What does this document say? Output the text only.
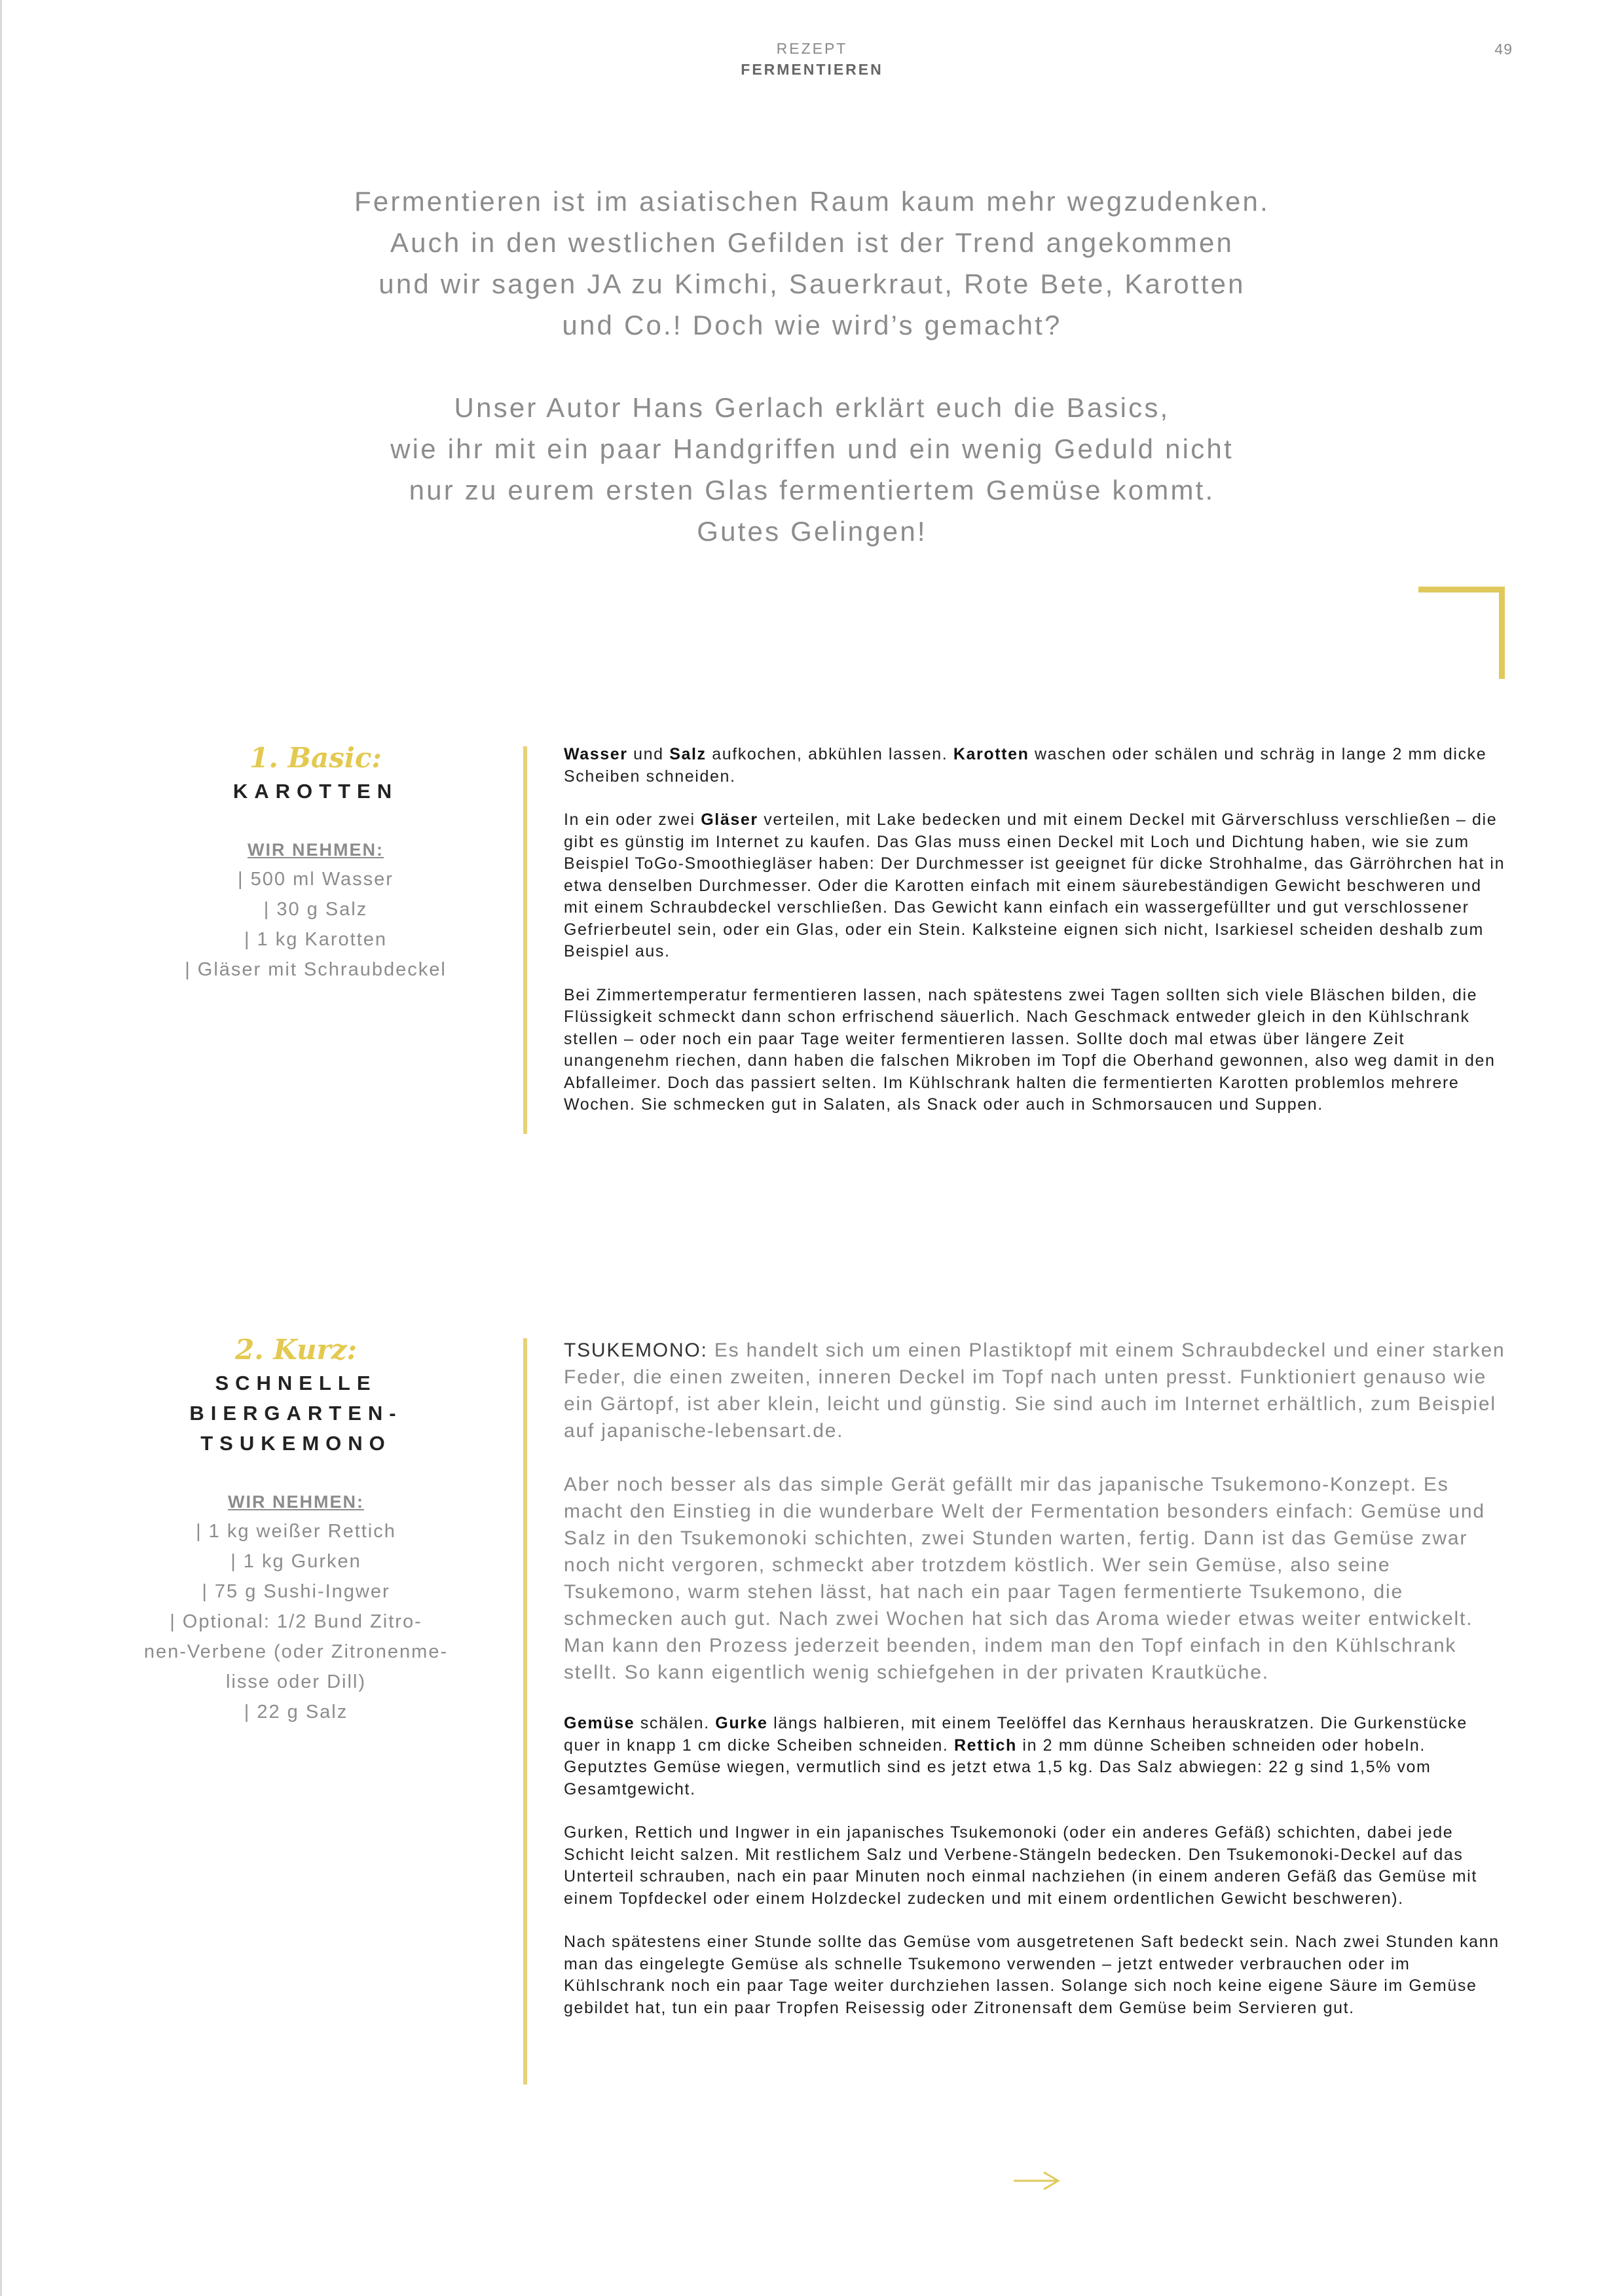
REZEPT
FERMENTIEREN
49

Fermentieren ist im asiatischen Raum kaum mehr wegzudenken.
Auch in den westlichen Gefilden ist der Trend angekommen
und wir sagen JA zu Kimchi, Sauerkraut, Rote Bete, Karotten
und Co.! Doch wie wird’s gemacht?

Unser Autor Hans Gerlach erklärt euch die Basics,
wie ihr mit ein paar Handgriffen und ein wenig Geduld nicht
nur zu eurem ersten Glas fermentiertem Gemüse kommt.
Gutes Gelingen!

1. Basic:
KAROTTEN
WIR NEHMEN:
| 500 ml Wasser
| 30 g Salz
| 1 kg Karotten
| Gläser mit Schraubdeckel

Wasser und Salz aufkochen, abkühlen lassen. Karotten waschen oder schälen und schräg in lange 2 mm dicke Scheiben schneiden.

In ein oder zwei Gläser verteilen, mit Lake bedecken und mit einem Deckel mit Gärverschluss verschließen – die gibt es günstig im Internet zu kaufen. Das Glas muss einen Deckel mit Loch und Dichtung haben, wie sie zum Beispiel ToGo-Smoothiegläser haben: Der Durchmesser ist geeignet für dicke Strohhalme, das Gärröhrchen hat in etwa denselben Durchmesser. Oder die Karotten einfach mit einem säurebeständigen Gewicht beschweren und mit einem Schraubdeckel verschließen. Das Gewicht kann einfach ein wassergefüllter und gut verschlossener Gefrierbeutel sein, oder ein Glas, oder ein Stein. Kalksteine eignen sich nicht, Isarkiesel scheiden deshalb zum Beispiel aus.

Bei Zimmertemperatur fermentieren lassen, nach spätestens zwei Tagen sollten sich viele Bläschen bilden, die Flüssigkeit schmeckt dann schon erfrischend säuerlich. Nach Geschmack entweder gleich in den Kühlschrank stellen – oder noch ein paar Tage weiter fermentieren lassen. Sollte doch mal etwas über längere Zeit unangenehm riechen, dann haben die falschen Mikroben im Topf die Oberhand gewonnen, also weg damit in den Abfalleimer. Doch das passiert selten. Im Kühlschrank halten die fermentierten Karotten problemlos mehrere Wochen. Sie schmecken gut in Salaten, als Snack oder auch in Schmorsaucen und Suppen.

2. Kurz:
SCHNELLE
BIERGARTEN-
TSUKEMONO
WIR NEHMEN:
| 1 kg weißer Rettich
| 1 kg Gurken
| 75 g Sushi-Ingwer
| Optional: 1/2 Bund Zitro-
nen-Verbene (oder Zitronenme-
lisse oder Dill)
| 22 g Salz

TSUKEMONO: Es handelt sich um einen Plastiktopf mit einem Schraubdeckel und einer starken Feder, die einen zweiten, inneren Deckel im Topf nach unten presst. Funktioniert genauso wie ein Gärtopf, ist aber klein, leicht und günstig. Sie sind auch im Internet erhältlich, zum Beispiel auf japanische-lebensart.de.

Aber noch besser als das simple Gerät gefällt mir das japanische Tsukemono-Konzept. Es macht den Einstieg in die wunderbare Welt der Fermentation besonders einfach: Gemüse und Salz in den Tsukemonoki schichten, zwei Stunden warten, fertig. Dann ist das Gemüse zwar noch nicht vergoren, schmeckt aber trotzdem köstlich. Wer sein Gemüse, also seine Tsukemono, warm stehen lässt, hat nach ein paar Tagen fermentierte Tsukemono, die schmecken auch gut. Nach zwei Wochen hat sich das Aroma wieder etwas weiter entwickelt. Man kann den Prozess jederzeit beenden, indem man den Topf einfach in den Kühlschrank stellt. So kann eigentlich wenig schiefgehen in der privaten Krautküche.

Gemüse schälen. Gurke längs halbieren, mit einem Teelöffel das Kernhaus herauskratzen. Die Gurkenstücke quer in knapp 1 cm dicke Scheiben schneiden. Rettich in 2 mm dünne Scheiben schneiden oder hobeln. Geputztes Gemüse wiegen, vermutlich sind es jetzt etwa 1,5 kg. Das Salz abwiegen: 22 g sind 1,5% vom Gesamtgewicht.

Gurken, Rettich und Ingwer in ein japanisches Tsukemonoki (oder ein anderes Gefäß) schichten, dabei jede Schicht leicht salzen. Mit restlichem Salz und Verbene-Stängeln bedecken. Den Tsukemonoki-Deckel auf das Unterteil schrauben, nach ein paar Minuten noch einmal nachziehen (in einem anderen Gefäß das Gemüse mit einem Topfdeckel oder einem Holzdeckel zudecken und mit einem ordentlichen Gewicht beschweren).

Nach spätestens einer Stunde sollte das Gemüse vom ausgetretenen Saft bedeckt sein. Nach zwei Stunden kann man das eingelegte Gemüse als schnelle Tsukemono verwenden – jetzt entweder verbrauchen oder im Kühlschrank noch ein paar Tage weiter durchziehen lassen. Solange sich noch keine eigene Säure im Gemüse gebildet hat, tun ein paar Tropfen Reisessig oder Zitronensaft dem Gemüse beim Servieren gut.
